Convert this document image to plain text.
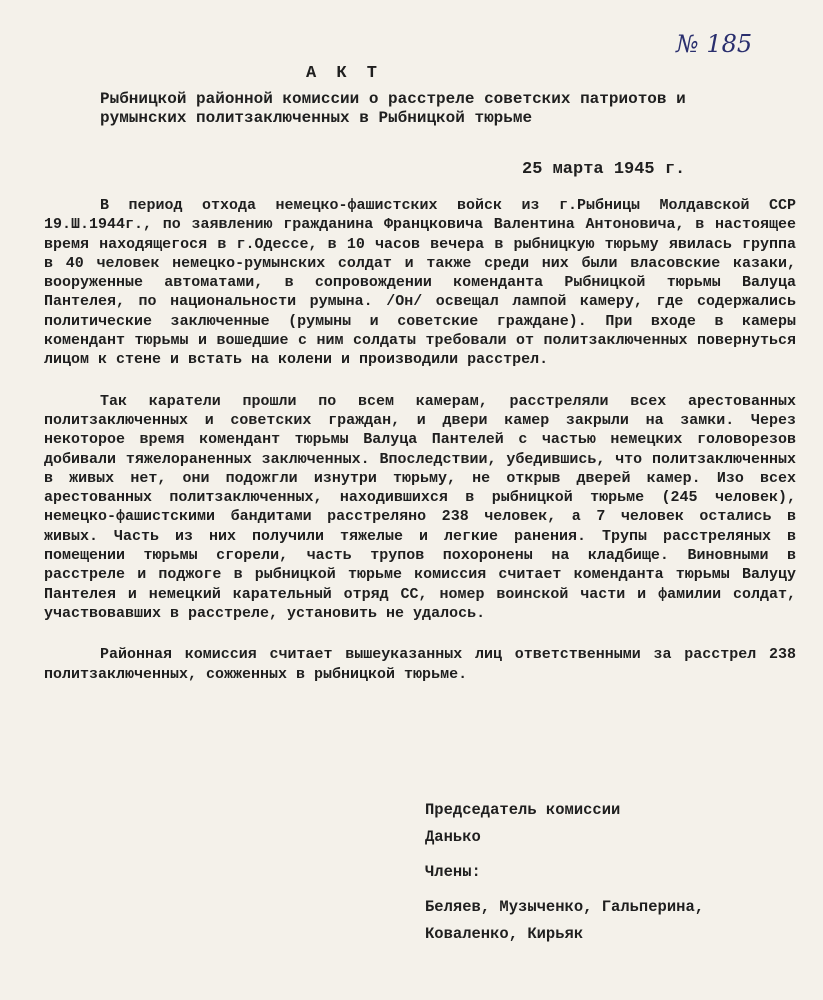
№ 185
А К Т
Рыбницкой районной комиссии о расстреле советских патриотов и румынских политзаключенных в Рыбницкой тюрьме
25 марта 1945 г.

В период отхода немецко-фашистских войск из г.Рыбницы Молдавской ССР 19.Ш.1944г., по заявлению гражданина Францковича Валентина Антоновича, в настоящее время находящегося в г.Одессе, в 10 часов вечера в рыбницкую тюрьму явилась группа в 40 человек немецко-румынских солдат и также среди них были власовские казаки, вооруженные автоматами, в сопровождении коменданта Рыбницкой тюрьмы Валуца Пантелея, по национальности румына. /Он/ освещал лампой камеру, где содержались политические заключенные (румыны и советские граждане). При входе в камеры комендант тюрьмы и вошедшие с ним солдаты требовали от политзаключенных повернуться лицом к стене и встать на колени и производили расстрел.

Так каратели прошли по всем камерам, расстреляли всех арестованных политзаключенных и советских граждан, и двери камер закрыли на замки. Через некоторое время комендант тюрьмы Валуца Пантелей с частью немецких головорезов добивали тяжелораненных заключенных. Впоследствии, убедившись, что политзаключенных в живых нет, они подожгли изнутри тюрьму, не открыв дверей камер. Изо всех арестованных политзаключенных, находившихся в рыбницкой тюрьме (245 человек), немецко-фашистскими бандитами расстреляно 238 человек, а 7 человек остались в живых. Часть из них получили тяжелые и легкие ранения. Трупы расстреляных в помещении тюрьмы сгорели, часть трупов похоронены на кладбище. Виновными в расстреле и поджоге в рыбницкой тюрьме комиссия считает коменданта тюрьмы Валуцу Пантелея и немецкий карательный отряд СС, номер воинской части и фамилии солдат, участвовавших в расстреле, установить не удалось.

Районная комиссия считает вышеуказанных лиц ответственными за расстрел 238 политзаключенных, сожженных в рыбницкой тюрьме.

Председатель комиссии
Данько
Члены:
Беляев, Музыченко, Гальперина,
Коваленко, Кирьяк
